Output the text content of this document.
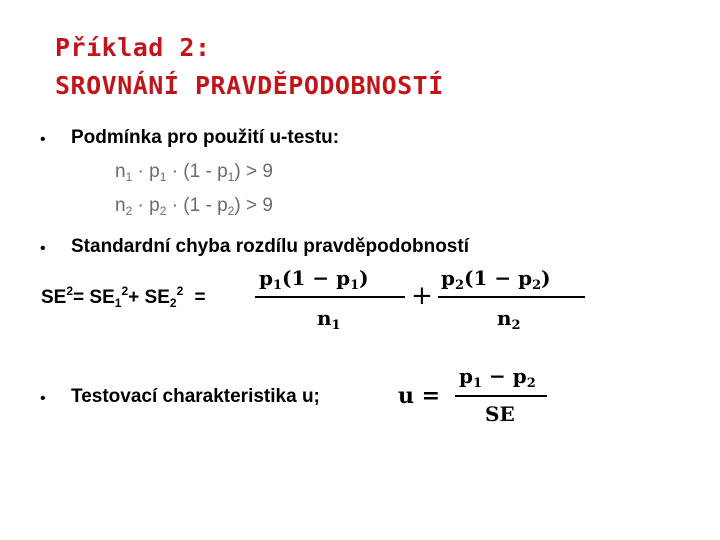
Příklad 2:
SROVNÁNÍ PRAVDĚPODOBNOSTÍ
• Podmínka pro použití u-testu:
$n_1 \cdot p_1 \cdot (1 - p_1) > 9$
$n_2 \cdot p_2 \cdot (1 - p_2) > 9$
• Standardní chyba rozdílu pravděpodobností
$SE^2= SE_1^2+ SE_2^2$ =
$p_1(1 - p_1)$
$n_1$
+
$p_2(1 - p_2)$
$n_2$
• Testovací charakteristika u;	u =
$p_1 - p_2$
SE
